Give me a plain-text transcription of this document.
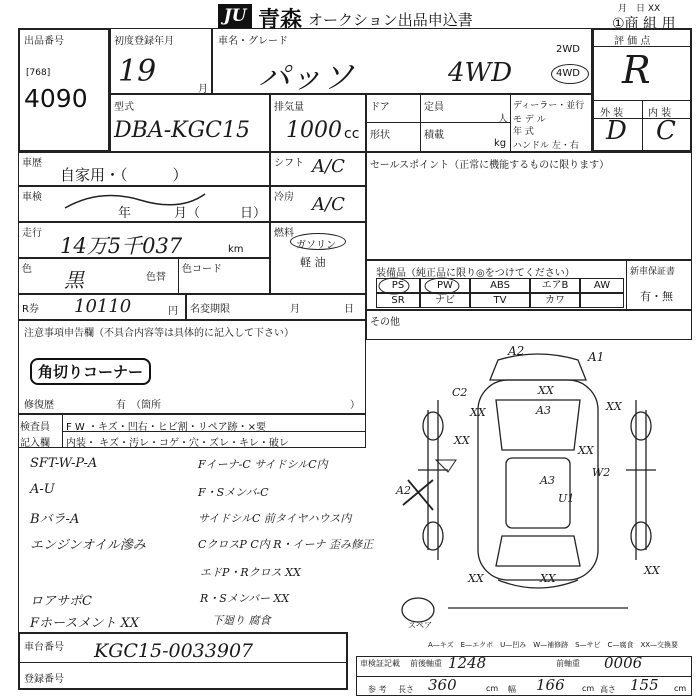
JU 青森 オークション出品申込書
月　日 XX
①商 組 用
出品番号
[768]
4090
初度登録年月
19
月
車名・グレード
パッソ	4WD
2WD
4WD
評 価 点
R
外 装 内 装
D C
型式
DBA-KGC15
排気量
1000 cc
ドア	定員
人
ディーラー・並行
モ デ ル
年 式
ハンドル 左・右
形状	積載
kg
車歴
自家用・（　　　）
シフト A/C
車検
年	月（	日）
冷房 A/C
走行
14万5千037	km
燃料
ガソリン
軽 油
色 黒	色替
色コード
R券 10110	円 名変期限	月	日
セールスポイント（正常に機能するものに限ります）
装備品（純正品に限り◎をつけてください）
PS	PW	ABS	エアB	AW
SR	ナビ	TV	カワ
新車保証書
有・無
その他
注意事項申告欄（不具合内容等は具体的に記入して下さい）
角切りコーナー
修復歴	有　（箇所	）
検査員
記入欄
F W ・キズ・凹右・ヒビ割・リペア跡・×要
内装・ キズ・汚レ・コゲ・穴・ズレ・キレ・破レ
SFT-W-P-A
A-U
Bバラ-A
エンジンオイル滲み
ロアサポC
Fホースメント XX
Fイーナ-C サイドシルC内
F・Sメンバ-C
サイドシルC 前タイヤハウス内
CクロスP C内 R・イーナ 歪み修正
エドP・Rクロス XX
R・Sメンバー XX
下廻り 腐食
A2	A1
C2
XX
XX
A3	XX
XX
XX
A3
W2
U1
A2
XX	XX
XX
スペア
A—キズ　E—エクボ　U—凹み　W—補修跡　S—サビ　C—腐食　XX—交換要
車台番号 KGC15-0033907
登録番号
車検証記載
参 考
前後軸重 1248	前軸重 0006
長さ 360	cm 幅 166 cm 高さ 155 cm
